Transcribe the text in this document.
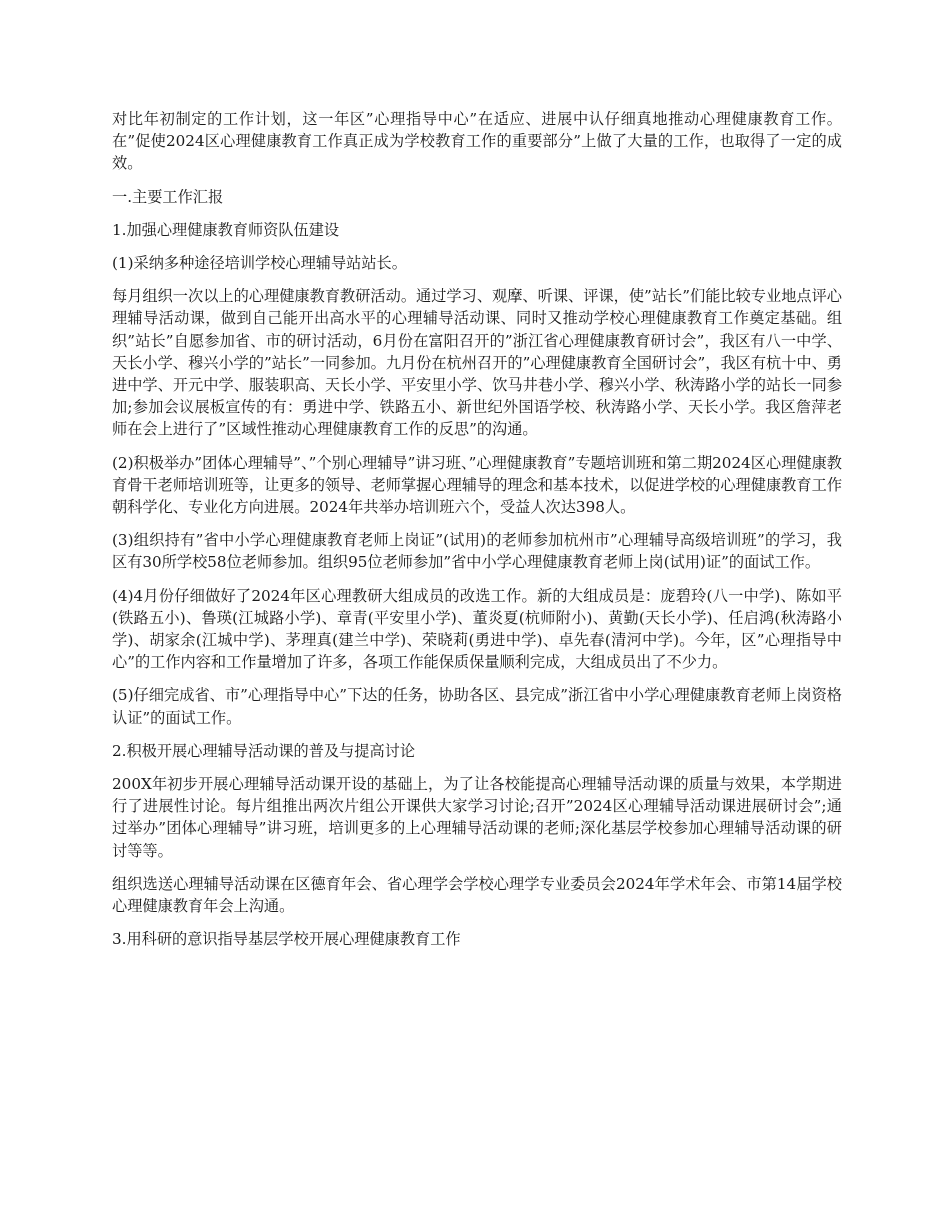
对比年初制定的工作计划，这一年区”心理指导中心”在适应、进展中认仔细真地推动心理健康教育工作。在”促使2024区心理健康教育工作真正成为学校教育工作的重要部分”上做了大量的工作，也取得了一定的成效。

一.主要工作汇报

1.加强心理健康教育师资队伍建设

(1)采纳多种途径培训学校心理辅导站站长。

每月组织一次以上的心理健康教育教研活动。通过学习、观摩、听课、评课，使”站长”们能比较专业地点评心理辅导活动课，做到自己能开出高水平的心理辅导活动课、同时又推动学校心理健康教育工作奠定基础。组织”站长”自愿参加省、市的研讨活动，6月份在富阳召开的”浙江省心理健康教育研讨会”，我区有八一中学、天长小学、穆兴小学的”站长”一同参加。九月份在杭州召开的”心理健康教育全国研讨会”，我区有杭十中、勇进中学、开元中学、服装职高、天长小学、平安里小学、饮马井巷小学、穆兴小学、秋涛路小学的站长一同参加;参加会议展板宣传的有：勇进中学、铁路五小、新世纪外国语学校、秋涛路小学、天长小学。我区詹萍老师在会上进行了”区域性推动心理健康教育工作的反思”的沟通。

(2)积极举办”团体心理辅导”、”个别心理辅导”讲习班、”心理健康教育”专题培训班和第二期2024区心理健康教育骨干老师培训班等，让更多的领导、老师掌握心理辅导的理念和基本技术，以促进学校的心理健康教育工作朝科学化、专业化方向进展。2024年共举办培训班六个，受益人次达398人。

(3)组织持有”省中小学心理健康教育老师上岗证”(试用)的老师参加杭州市”心理辅导高级培训班”的学习，我区有30所学校58位老师参加。组织95位老师参加”省中小学心理健康教育老师上岗(试用)证”的面试工作。

(4)4月份仔细做好了2024年区心理教研大组成员的改选工作。新的大组成员是：庞碧玲(八一中学)、陈如平(铁路五小)、鲁瑛(江城路小学)、章青(平安里小学)、董炎夏(杭师附小)、黄勤(天长小学)、任启鸿(秋涛路小学)、胡家余(江城中学)、茅理真(建兰中学)、荣晓莉(勇进中学)、卓先春(清河中学)。今年，区”心理指导中心”的工作内容和工作量增加了许多，各项工作能保质保量顺利完成，大组成员出了不少力。

(5)仔细完成省、市”心理指导中心”下达的任务，协助各区、县完成”浙江省中小学心理健康教育老师上岗资格认证”的面试工作。

2.积极开展心理辅导活动课的普及与提高讨论

200X年初步开展心理辅导活动课开设的基础上，为了让各校能提高心理辅导活动课的质量与效果，本学期进行了进展性讨论。每片组推出两次片组公开课供大家学习讨论;召开”2024区心理辅导活动课进展研讨会”;通过举办”团体心理辅导”讲习班，培训更多的上心理辅导活动课的老师;深化基层学校参加心理辅导活动课的研讨等等。

组织选送心理辅导活动课在区德育年会、省心理学会学校心理学专业委员会2024年学术年会、市第14届学校心理健康教育年会上沟通。

3.用科研的意识指导基层学校开展心理健康教育工作
